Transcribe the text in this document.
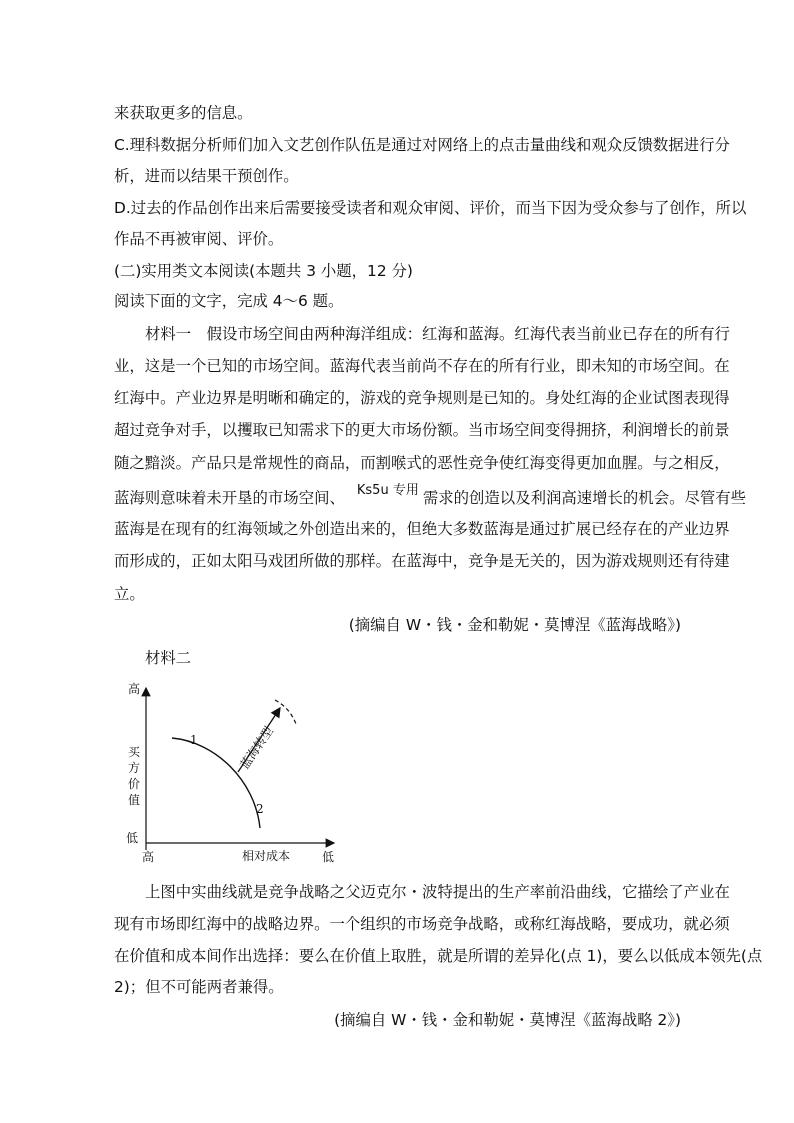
来获取更多的信息。
C.理科数据分析师们加入文艺创作队伍是通过对网络上的点击量曲线和观众反馈数据进行分
析，进而以结果干预创作。
D.过去的作品创作出来后需要接受读者和观众审阅、评价，而当下因为受众参与了创作，所以
作品不再被审阅、评价。
(二)实用类文本阅读(本题共 3 小题，12 分)
阅读下面的文字，完成 4～6 题。
材料一　假设市场空间由两种海洋组成：红海和蓝海。红海代表当前业已存在的所有行
业，这是一个已知的市场空间。蓝海代表当前尚不存在的所有行业，即未知的市场空间。在
红海中。产业边界是明晰和确定的，游戏的竞争规则是已知的。身处红海的企业试图表现得
超过竞争对手，以攫取已知需求下的更大市场份额。当市场空间变得拥挤，利润增长的前景
随之黯淡。产品只是常规性的商品，而割喉式的恶性竞争使红海变得更加血腥。与之相反，
蓝海则意味着未开垦的市场空间、 $^{Ks5u 专用}$ 需求的创造以及利润高速增长的机会。尽管有些
蓝海是在现有的红海领域之外创造出来的，但绝大多数蓝海是通过扩展已经存在的产业边界
而形成的，正如太阳马戏团所做的那样。在蓝海中，竞争是无关的，因为游戏规则还有待建
立。
(摘编自 W・钱・金和勒妮・莫博涅《蓝海战略》)
材料二
蓝海转型
1
2
高
买
方
价
值
低
高	相对成本	低
上图中实曲线就是竞争战略之父迈克尔・波特提出的生产率前沿曲线，它描绘了产业在
现有市场即红海中的战略边界。一个组织的市场竞争战略，或称红海战略，要成功，就必须
在价值和成本间作出选择：要么在价值上取胜，就是所谓的差异化(点 1)，要么以低成本领先(点
2)；但不可能两者兼得。
(摘编自 W・钱・金和勒妮・莫博涅《蓝海战略 2》)
